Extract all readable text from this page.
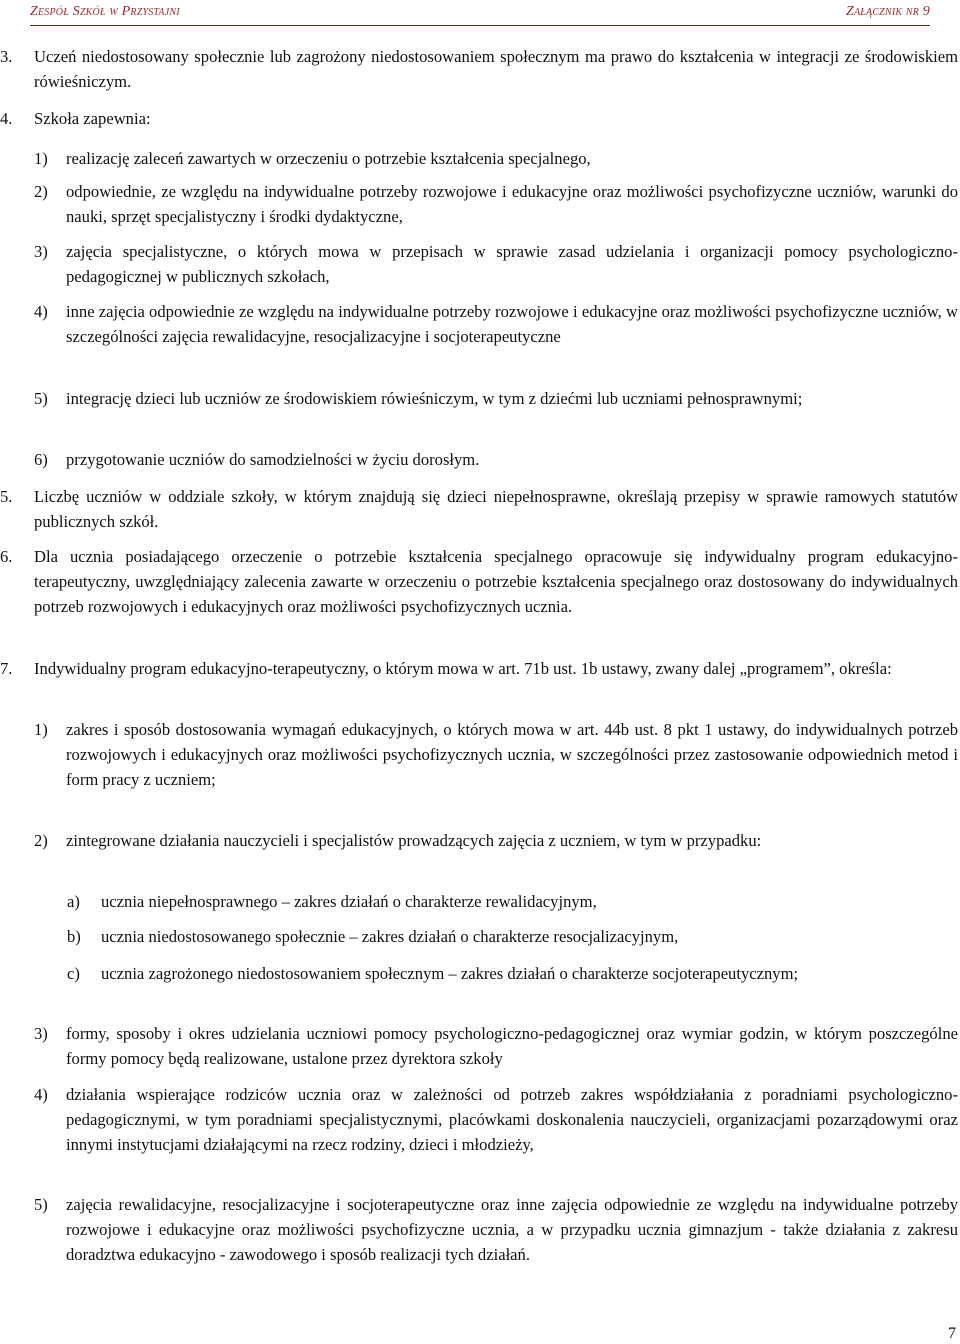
Zespół Szkół w Przystajni	Załącznik nr 9
3. Uczeń niedostosowany społecznie lub zagrożony niedostosowaniem społecznym ma prawo do kształcenia w integracji ze środowiskiem rówieśniczym.
4. Szkoła zapewnia:
1) realizację zaleceń zawartych w orzeczeniu o potrzebie kształcenia specjalnego,
2) odpowiednie, ze względu na indywidualne potrzeby rozwojowe i edukacyjne oraz możliwości psychofizyczne uczniów, warunki do nauki, sprzęt specjalistyczny i środki dydaktyczne,
3) zajęcia specjalistyczne, o których mowa w przepisach w sprawie zasad udzielania i organizacji pomocy psychologiczno-pedagogicznej w publicznych szkołach,
4) inne zajęcia odpowiednie ze względu na indywidualne potrzeby rozwojowe i edukacyjne oraz możliwości psychofizyczne uczniów, w szczególności zajęcia rewalidacyjne, resocjalizacyjne i socjoterapeutyczne
5) integrację dzieci lub uczniów ze środowiskiem rówieśniczym, w tym z dziećmi lub uczniami pełnosprawnymi;
6) przygotowanie uczniów do samodzielności w życiu dorosłym.
5. Liczbę uczniów w oddziale szkoły, w którym znajdują się dzieci niepełnosprawne, określają przepisy w sprawie ramowych statutów publicznych szkół.
6. Dla ucznia posiadającego orzeczenie o potrzebie kształcenia specjalnego opracowuje się indywidualny program edukacyjno-terapeutyczny, uwzględniający zalecenia zawarte w orzeczeniu o potrzebie kształcenia specjalnego oraz dostosowany do indywidualnych potrzeb rozwojowych i edukacyjnych oraz możliwości psychofizycznych ucznia.
7. Indywidualny program edukacyjno-terapeutyczny, o którym mowa w art. 71b ust. 1b ustawy, zwany dalej „programem”, określa:
1) zakres i sposób dostosowania wymagań edukacyjnych, o których mowa w art. 44b ust. 8 pkt 1 ustawy, do indywidualnych potrzeb rozwojowych i edukacyjnych oraz możliwości psychofizycznych ucznia, w szczególności przez zastosowanie odpowiednich metod i form pracy z uczniem;
2) zintegrowane działania nauczycieli i specjalistów prowadzących zajęcia z uczniem, w tym w przypadku:
a) ucznia niepełnosprawnego – zakres działań o charakterze rewalidacyjnym,
b) ucznia niedostosowanego społecznie – zakres działań o charakterze resocjalizacyjnym,
c) ucznia zagrożonego niedostosowaniem społecznym – zakres działań o charakterze socjoterapeutycznym;
3) formy, sposoby i okres udzielania uczniowi pomocy psychologiczno-pedagogicznej oraz wymiar godzin, w którym poszczególne formy pomocy będą realizowane, ustalone przez dyrektora szkoły
4) działania wspierające rodziców ucznia oraz w zależności od potrzeb zakres współdziałania z poradniami psychologiczno-pedagogicznymi, w tym poradniami specjalistycznymi, placówkami doskonalenia nauczycieli, organizacjami pozarządowymi oraz innymi instytucjami działającymi na rzecz rodziny, dzieci i młodzieży,
5) zajęcia rewalidacyjne, resocjalizacyjne i socjoterapeutyczne oraz inne zajęcia odpowiednie ze względu na indywidualne potrzeby rozwojowe i edukacyjne oraz możliwości psychofizyczne ucznia, a w przypadku ucznia gimnazjum - także działania z zakresu doradztwa edukacyjno - zawodowego i sposób realizacji tych działań.
7
